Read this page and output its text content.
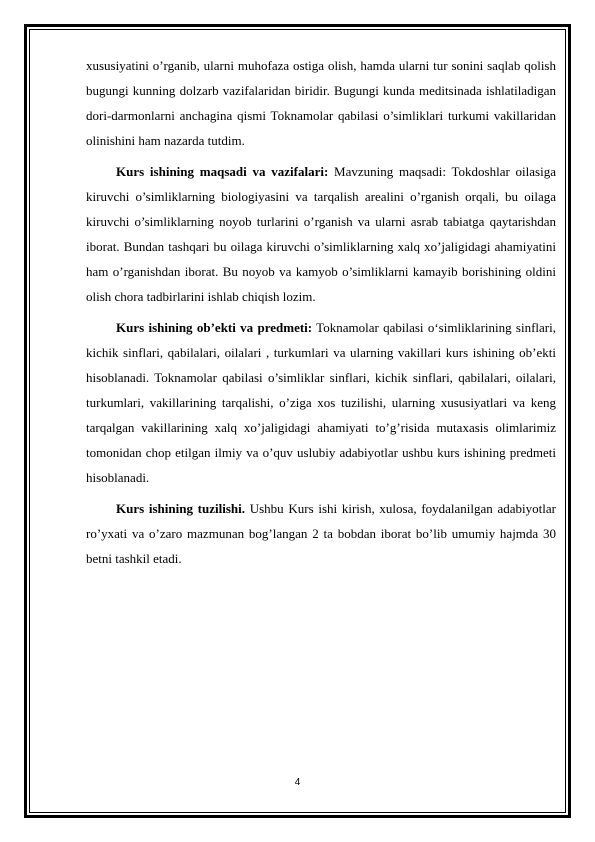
xususiyatini o’rganib, ularni muhofaza ostiga olish, hamda ularni tur sonini saqlab qolish bugungi kunning dolzarb vazifalaridan biridir. Bugungi kunda meditsinada ishlatiladigan dori-darmonlarni anchagina qismi Toknamolar qabilasi o’simliklari turkumi vakillaridan olinishini ham nazarda tutdim.

Kurs ishining maqsadi va vazifalari: Mavzuning maqsadi: Tokdoshlar oilasiga kiruvchi o’simliklarning biologiyasini va tarqalish arealini o’rganish orqali, bu oilaga kiruvchi o’simliklarning noyob turlarini o’rganish va ularni asrab tabiatga qaytarishdan iborat. Bundan tashqari bu oilaga kiruvchi o’simliklarning xalq xo’jaligidagi ahamiyatini ham o’rganishdan iborat. Bu noyob va kamyob o’simliklarni kamayib borishining oldini olish chora tadbirlarini ishlab chiqish lozim.

Kurs ishining ob’ekti va predmeti: Toknamolar qabilasi o‘simliklarining sinflari, kichik sinflari, qabilalari, oilalari , turkumlari va ularning vakillari kurs ishining ob’ekti hisoblanadi. Toknamolar qabilasi o’simliklar sinflari, kichik sinflari, qabilalari, oilalari, turkumlari, vakillarining tarqalishi, o’ziga xos tuzilishi, ularning xususiyatlari va keng tarqalgan vakillarining xalq xo’jaligidagi ahamiyati to’g’risida mutaxasis olimlarimiz tomonidan chop etilgan ilmiy va o’quv uslubiy adabiyotlar ushbu kurs ishining predmeti hisoblanadi.

Kurs ishining tuzilishi. Ushbu Kurs ishi kirish, xulosa, foydalanilgan adabiyotlar ro’yxati va o’zaro mazmunan bog’langan 2 ta bobdan iborat bo’lib umumiy hajmda 30 betni tashkil etadi.

4
